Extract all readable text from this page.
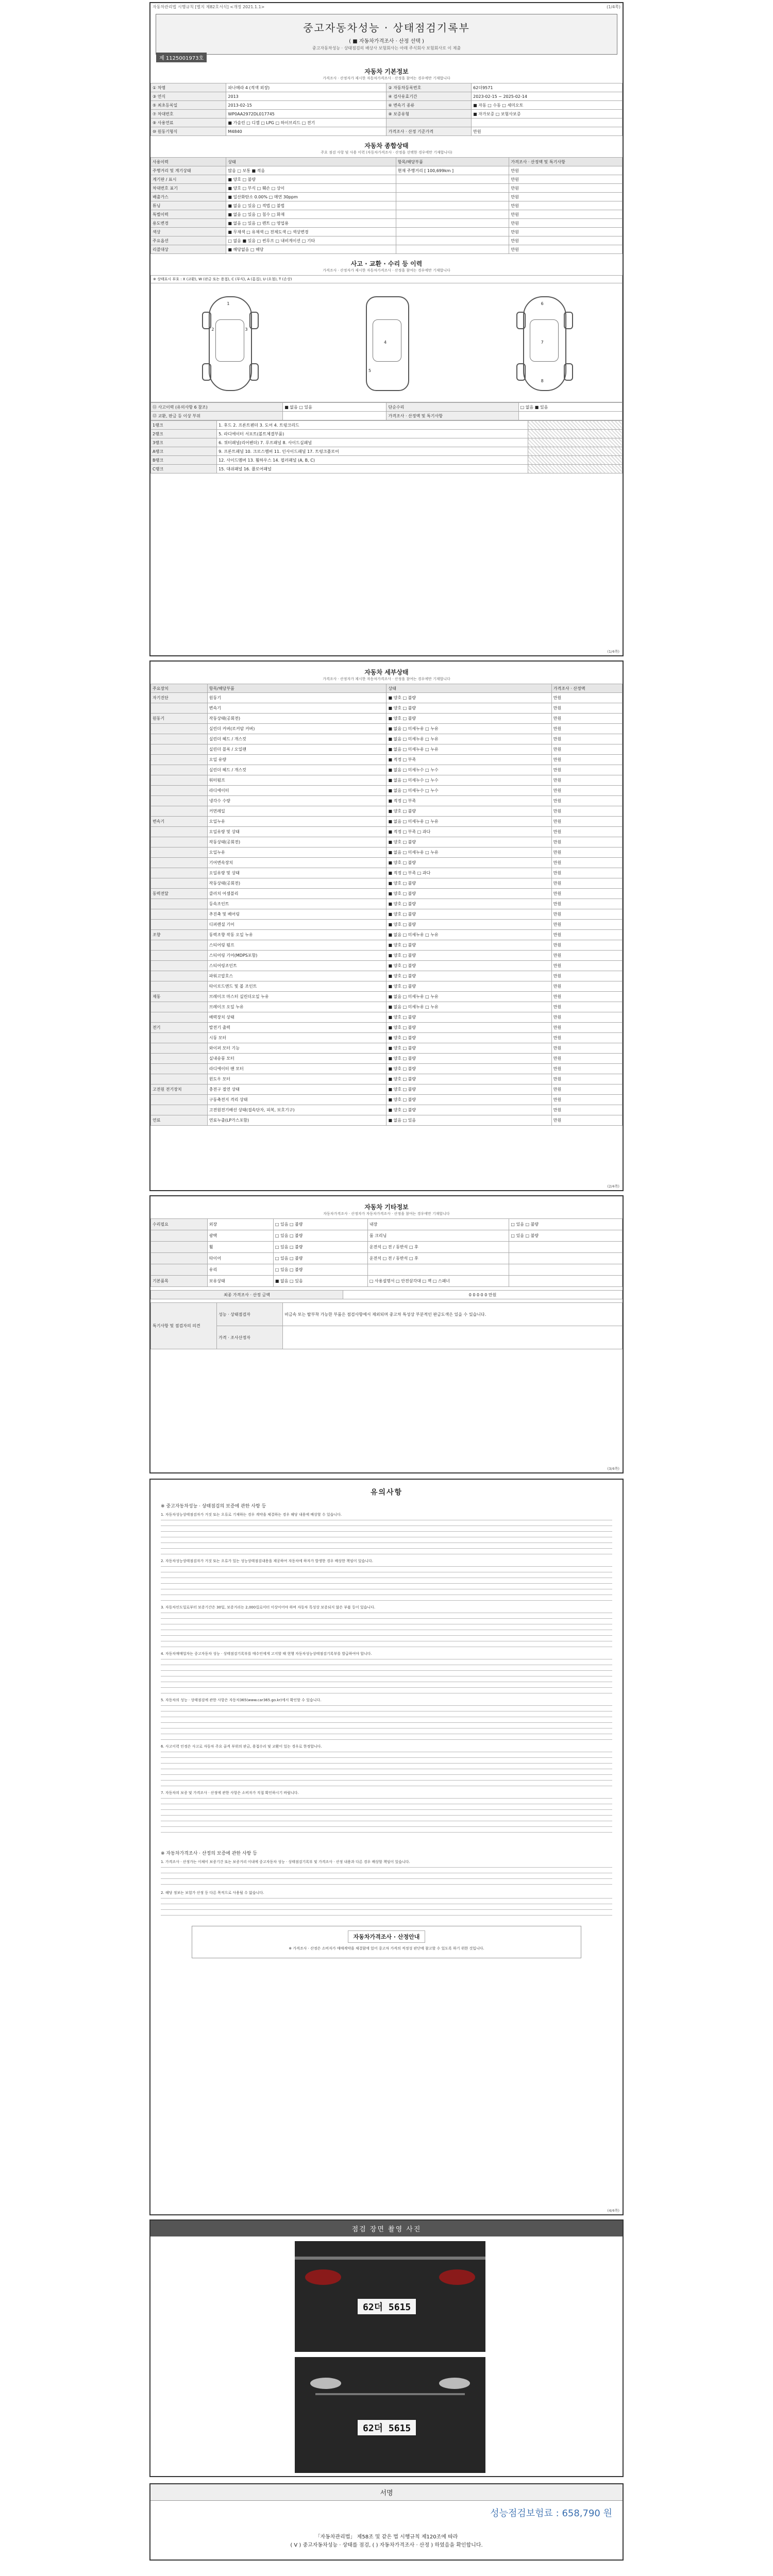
자동차관리법 시행규칙 [별지 제82호서식] <개정 2021.1.1>	(1/4쪽)
중고자동차성능 · 상태점검기록부
( ■ 자동차가격조사 · 산정 선택 )
중고자동차성능 · 상태점검의 배상사 보험회사는 아래 주식회사 보험회사로 이 제출
제 1125001973호
자동차 기본정보
가격조사 · 산정자가 제시한 자동차가격조사 · 산정을 참여는 경우에만 기재합니다
① 차명	파나메라 4 (적색 외장)	② 자동차등록번호	62더9571
③ 연식	2013	④ 검사유효기간	2023-02-15 ~ 2025-02-14
⑤ 최초등록일	2013-02-15	⑥ 변속기 종류	■ 자동 □ 수동 □ 세미오토
⑦ 차대번호	WP0AA2972DL017745	⑧ 보증유형	■ 자가보증 □ 보험사보증
⑨ 사용연료	■ 가솔린 □ 디젤 □ LPG □ 하이브리드 □ 전기		
⑩ 원동기형식	M4840	가격조사 · 산정 기준가격	만원
자동차 종합상태
주요 점검 사항 및 사용 이력 (자동차가격조사 · 산정을 선택한 경우에만 기재합니다)
사용이력	상태	항목/해당부품	가격조사 · 산정액 및 특기사항
주행거리 및 계기상태	많음 □ 보통 ■ 적음	현재 주행거리 [ 100,699km ]	만원
계기판 / 표시	■ 양호 □ 불량		만원
차대번호 표기	■ 양호 □ 부식 □ 훼손 □ 상이		만원
배출가스	■ 일산화탄소 0.00% □ 매연 30ppm		만원
튜닝	■ 없음 □ 있음 □ 적법 □ 불법		만원
특별이력	■ 없음 □ 있음 □ 침수 □ 화재		만원
용도변경	■ 없음 □ 있음 □ 렌트 □ 영업용		만원
색상	■ 무채색 □ 유채색 □ 전체도색 □ 색상변경		만원
주요옵션	□ 없음 ■ 있음 □ 썬루프 □ 내비게이션 □ 기타		만원
리콜대상	■ 해당없음 □ 해당		만원
사고 · 교환 · 수리 등 이력
가격조사 · 산정자가 제시한 자동차가격조사 · 산정을 참여는 경우에만 기재합니다
※ 상태표시 부호 : X (교환), W (판금 또는 용접), C (부식), A (흠집), U (요철), T (손상)
1
2	3
4
5
6
7
8
⑪ 사고이력 (유의사항 6 참조)	■ 없음 □ 있음	단순수리	□ 없음 ■ 있음
⑫ 교환, 판금 등 이상 부위		가격조사 · 산정액 및 특기사항	
1랭크	1. 후드 2. 프론트펜더 3. 도어 4. 트렁크리드	
2랭크	5. 라디에이터 서포트(볼트체결부품)	
3랭크	6. 쿼터패널(리어펜더) 7. 루프패널 8. 사이드실패널	
A랭크	9. 프론트패널 10. 크로스멤버 11. 인사이드패널 17. 트렁크플로어	
B랭크	12. 사이드멤버 13. 휠하우스 14. 필러패널 (A, B, C)	
C랭크	15. 대쉬패널 16. 플로어패널	
(1/4쪽)
자동차 세부상태
가격조사 · 산정자가 제시한 자동차가격조사 · 산정을 참여는 경우에만 기재합니다
주요장치	항목/해당부품	상태	가격조사 · 산정액
자기진단	원동기	■ 양호 □ 불량	만원
	변속기	■ 양호 □ 불량	만원
원동기	작동상태(공회전)	■ 양호 □ 불량	만원
	실린더 커버(로커암 커버)	■ 없음 □ 미세누유 □ 누유	만원
	실린더 헤드 / 개스킷	■ 없음 □ 미세누유 □ 누유	만원
	실린더 블록 / 오일팬	■ 없음 □ 미세누유 □ 누유	만원
	오일 유량	■ 적정 □ 부족	만원
	실린더 헤드 / 개스킷	■ 없음 □ 미세누수 □ 누수	만원
	워터펌프	■ 없음 □ 미세누수 □ 누수	만원
	라디에이터	■ 없음 □ 미세누수 □ 누수	만원
	냉각수 수량	■ 적정 □ 부족	만원
	커먼레일	■ 양호 □ 불량	만원
변속기	오일누유	■ 없음 □ 미세누유 □ 누유	만원
	오일유량 및 상태	■ 적정 □ 부족 □ 과다	만원
	작동상태(공회전)	■ 양호 □ 불량	만원
	오일누유	■ 없음 □ 미세누유 □ 누유	만원
	기어변속장치	■ 양호 □ 불량	만원
	오일유량 및 상태	■ 적정 □ 부족 □ 과다	만원
	작동상태(공회전)	■ 양호 □ 불량	만원
동력전달	클러치 어셈블리	■ 양호 □ 불량	만원
	등속조인트	■ 양호 □ 불량	만원
	추진축 및 베어링	■ 양호 □ 불량	만원
	디퍼렌셜 기어	■ 양호 □ 불량	만원
조향	동력조향 작동 오일 누유	■ 없음 □ 미세누유 □ 누유	만원
	스티어링 펌프	■ 양호 □ 불량	만원
	스티어링 기어(MDPS포함)	■ 양호 □ 불량	만원
	스티어링조인트	■ 양호 □ 불량	만원
	파워고압호스	■ 양호 □ 불량	만원
	타이로드엔드 및 볼 조인트	■ 양호 □ 불량	만원
제동	브레이크 마스터 실린더오일 누유	■ 없음 □ 미세누유 □ 누유	만원
	브레이크 오일 누유	■ 없음 □ 미세누유 □ 누유	만원
	배력장치 상태	■ 양호 □ 불량	만원
전기	발전기 출력	■ 양호 □ 불량	만원
	시동 모터	■ 양호 □ 불량	만원
	와이퍼 모터 기능	■ 양호 □ 불량	만원
	실내송풍 모터	■ 양호 □ 불량	만원
	라디에이터 팬 모터	■ 양호 □ 불량	만원
	윈도우 모터	■ 양호 □ 불량	만원
고전원 전기장치	충전구 절연 상태	■ 양호 □ 불량	만원
	구동축전지 격리 상태	■ 양호 □ 불량	만원
	고전원전기배선 상태(접속단자, 피복, 보호기구)	■ 양호 □ 불량	만원
연료	연료누출(LP가스포함)	■ 없음 □ 있음	만원
(2/4쪽)
자동차 기타정보
자동차가격조사 · 산정자가 자동차가격조사 · 산정을 참여는 경우에만 기재합니다
수리필요	외장	□ 있음 □ 불량	내장	□ 있음 □ 불량
	광택	□ 있음 □ 불량	룸 크리닝	□ 있음 □ 불량
	휠	□ 있음 □ 불량	운전석 □ 전 / 동반석 □ 후	
	타이어	□ 있음 □ 불량	운전석 □ 전 / 동반석 □ 후	
	유리	□ 있음 □ 불량		
기본품목	보유상태	■ 없음 □ 있음	□ 사용설명서 □ 안전삼각대 □ 잭 □ 스패너	
최종 가격조사 · 산정 금액	0 0 0 0 0 만원
특기사항 및 점검자의 의견	성능 · 상태점검자	비금속 또는 탈부착 가능한 부품은 점검사항에서 제외되며 중고차 특성상 부분적인 판금도색은 있을 수 있습니다.
	가격 · 조사산정자	
(3/4쪽)
유의사항
※ 중고자동차성능 · 상태점검의 보증에 관한 사항 등

1. 자동차성능상태점검자가 거짓 또는 오류로 기재하는 경우 계약을 체결하는 경우 해당 내용에 배상할 수 있습니다.

2. 자동차성능상태점검자가 거짓 또는 오류가 있는 성능상태점검내용을 제공하여 자동차에 하자가 발생한 경우 배상한 책임이 있습니다.

3. 자동차인도일로부터 보증기간은 30일, 보증거리는 2,000킬로미터 이상이어야 하며 자동차 특성상 보증되지 않은 부품 등이 있습니다.

4. 자동차매매업자는 중고자동차 성능 · 상태점검기록부를 매수인에게 고지할 때 현행 자동차성능상태점검기록부를 발급하여야 합니다.

5. 자동차의 성능 · 상태점검에 관한 사항은 자동차365(www.car365.go.kr)에서 확인할 수 있습니다.

6. 사고이력 인정은 사고로 자동차 주요 골격 부위의 판금, 용접수리 및 교환이 있는 경우로 한정합니다.

7. 자동차의 보증 및 가격조사 · 산정에 관한 사항은 소비자가 직접 확인하시기 바랍니다.

※ 자동차가격조사 · 산정의 보증에 관한 사항 등

1. 가격조사 · 산정가는 이체이 보증기간 또는 보증거리 이내에 중고자동차 성능 · 상태점검기록부 및 가격조사 · 산정 내용과 다른 경우 배상할 책임이 있습니다.

2. 해당 정보는 보험가 산정 등 다른 목적으로 사용될 수 없습니다.

자동차가격조사 · 산정안내

※ 가격조사 · 산정은 소비자가 매매계약을 체결함에 있어 중고차 가격의 적정성 판단에 참고할 수 있도록 하기 위한 것입니다.

(4/4쪽)
점검 장면 촬영 사진
62더 5615
62더 5615
서명
성능점검보험료 : 658,790 원
「자동차관리법」 제58조 및 같은 법 시행규칙 제120조에 따라
( V ) 중고자동차성능 · 상태를 점검, ( ) 자동차가격조사 · 산정 ) 하였음을 확인합니다.
